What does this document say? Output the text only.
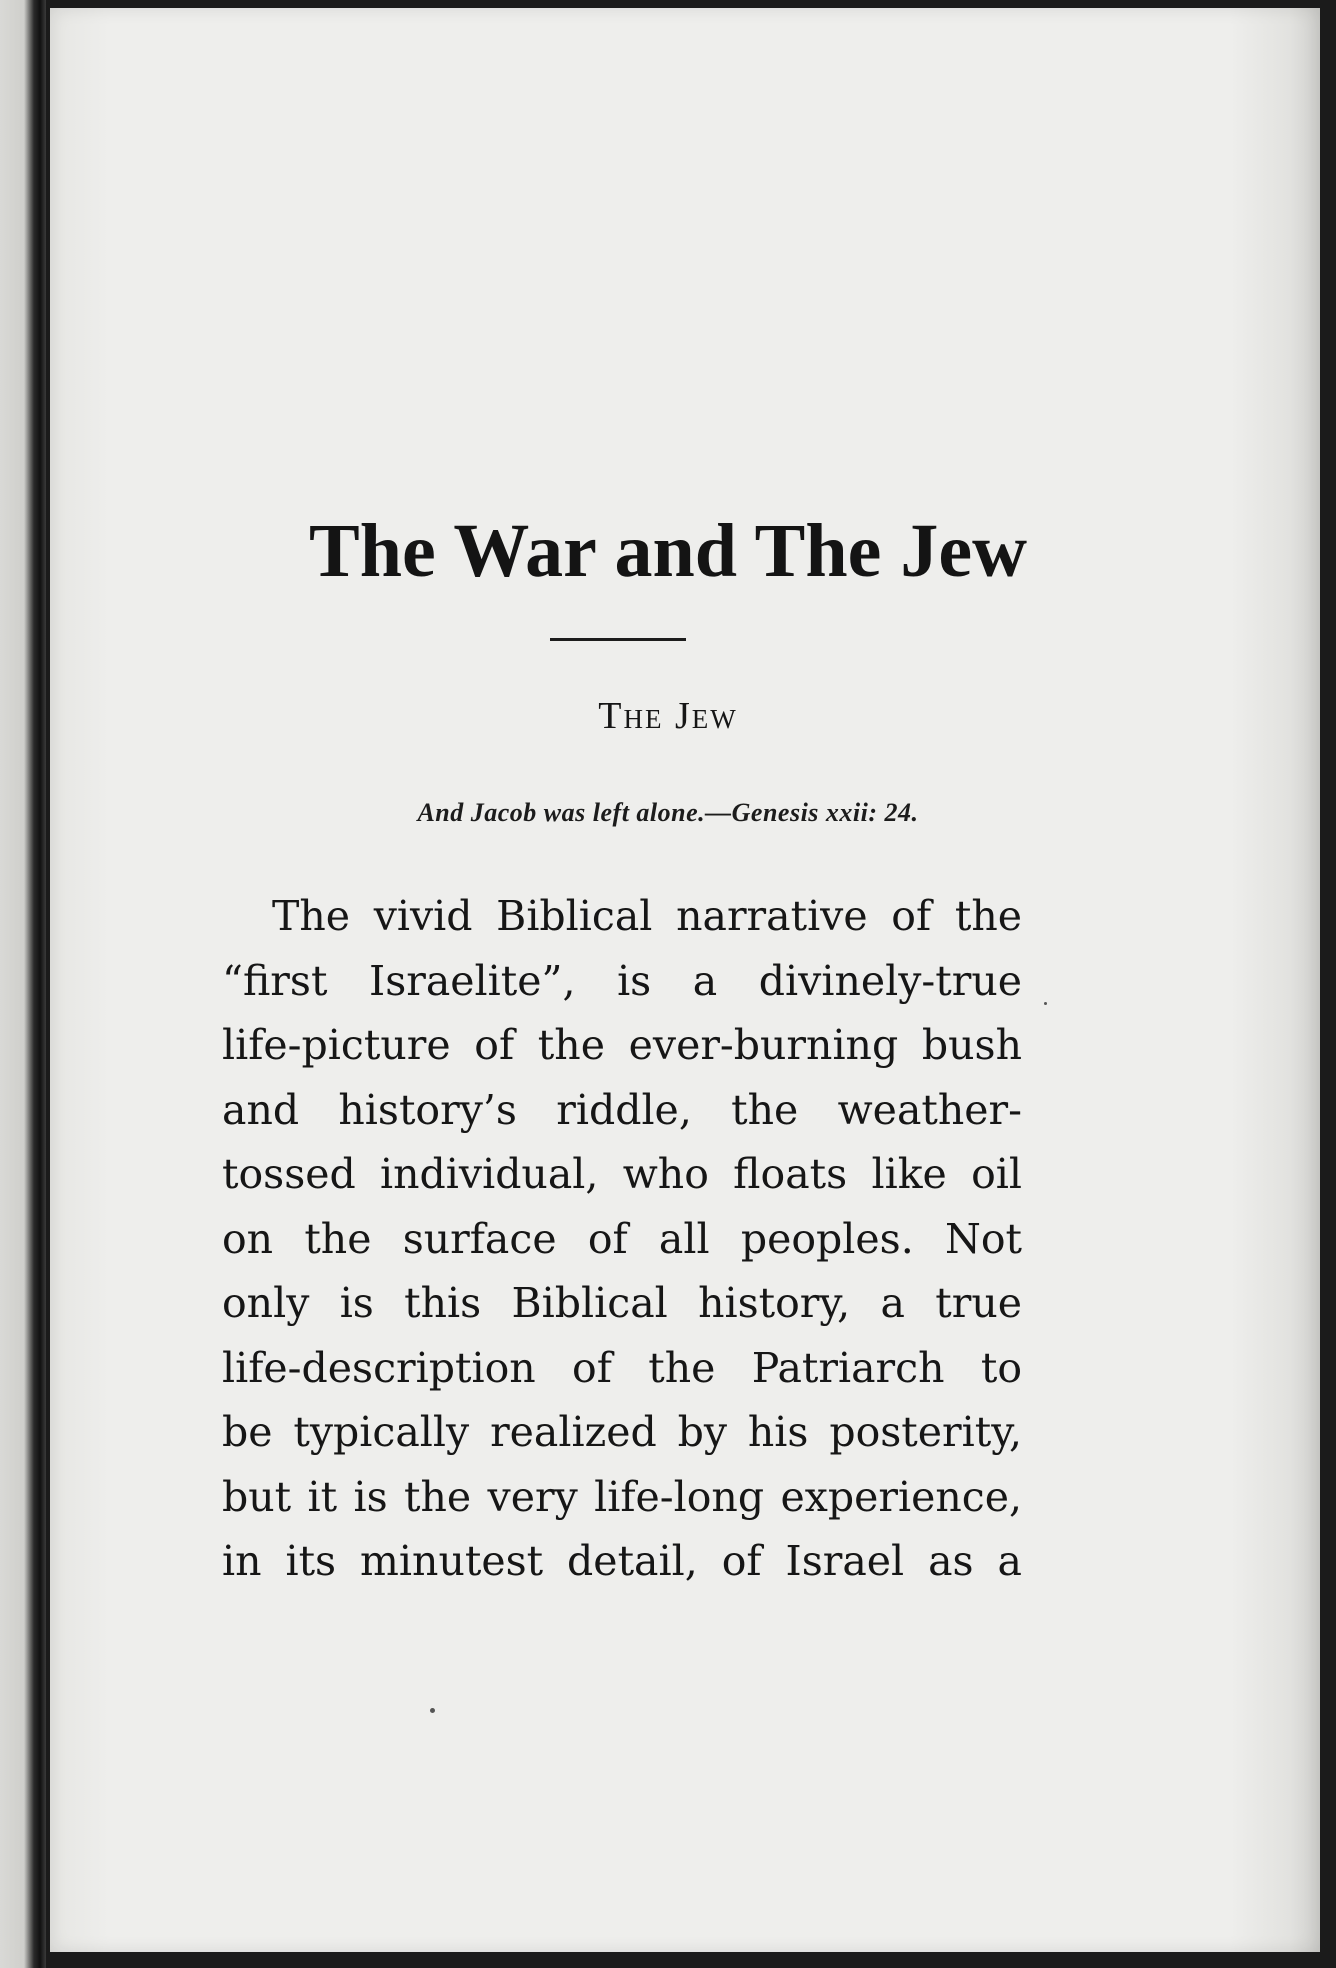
The War and The Jew
The Jew
And Jacob was left alone.—Genesis xxii: 24.
The vivid Biblical narrative of the
“first Israelite”, is a divinely-true
life-picture of the ever-burning bush
and history’s riddle, the weather-
tossed individual, who floats like oil
on the surface of all peoples. Not
only is this Biblical history, a true
life-description of the Patriarch to
be typically realized by his posterity,
but it is the very life-long experience,
in its minutest detail, of Israel as a
